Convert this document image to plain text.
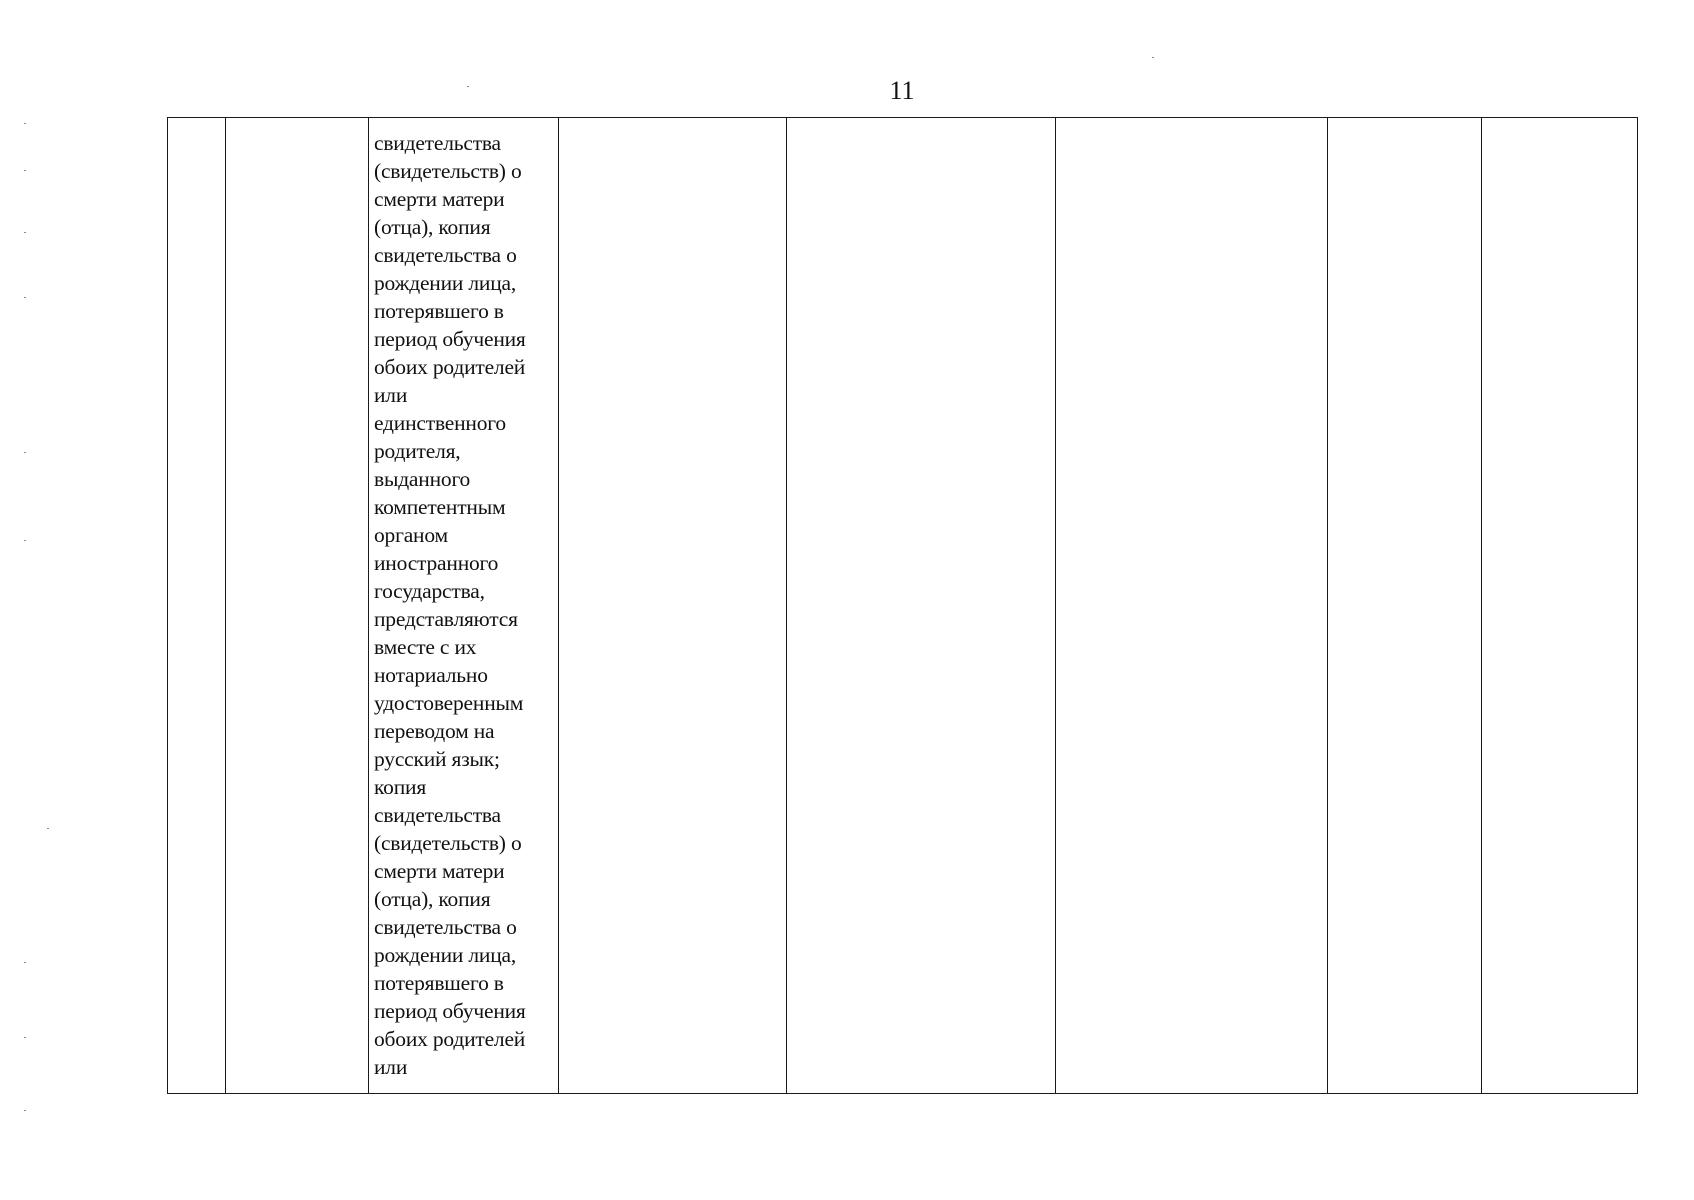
11
свидетельства
(свидетельств) о
смерти матери
(отца), копия
свидетельства о
рождении лица,
потерявшего в
период обучения
обоих родителей
или
единственного
родителя,
выданного
компетентным
органом
иностранного
государства,
представляются
вместе с их
нотариально
удостоверенным
переводом на
русский язык;
копия
свидетельства
(свидетельств) о
смерти матери
(отца), копия
свидетельства о
рождении лица,
потерявшего в
период обучения
обоих родителей
или
